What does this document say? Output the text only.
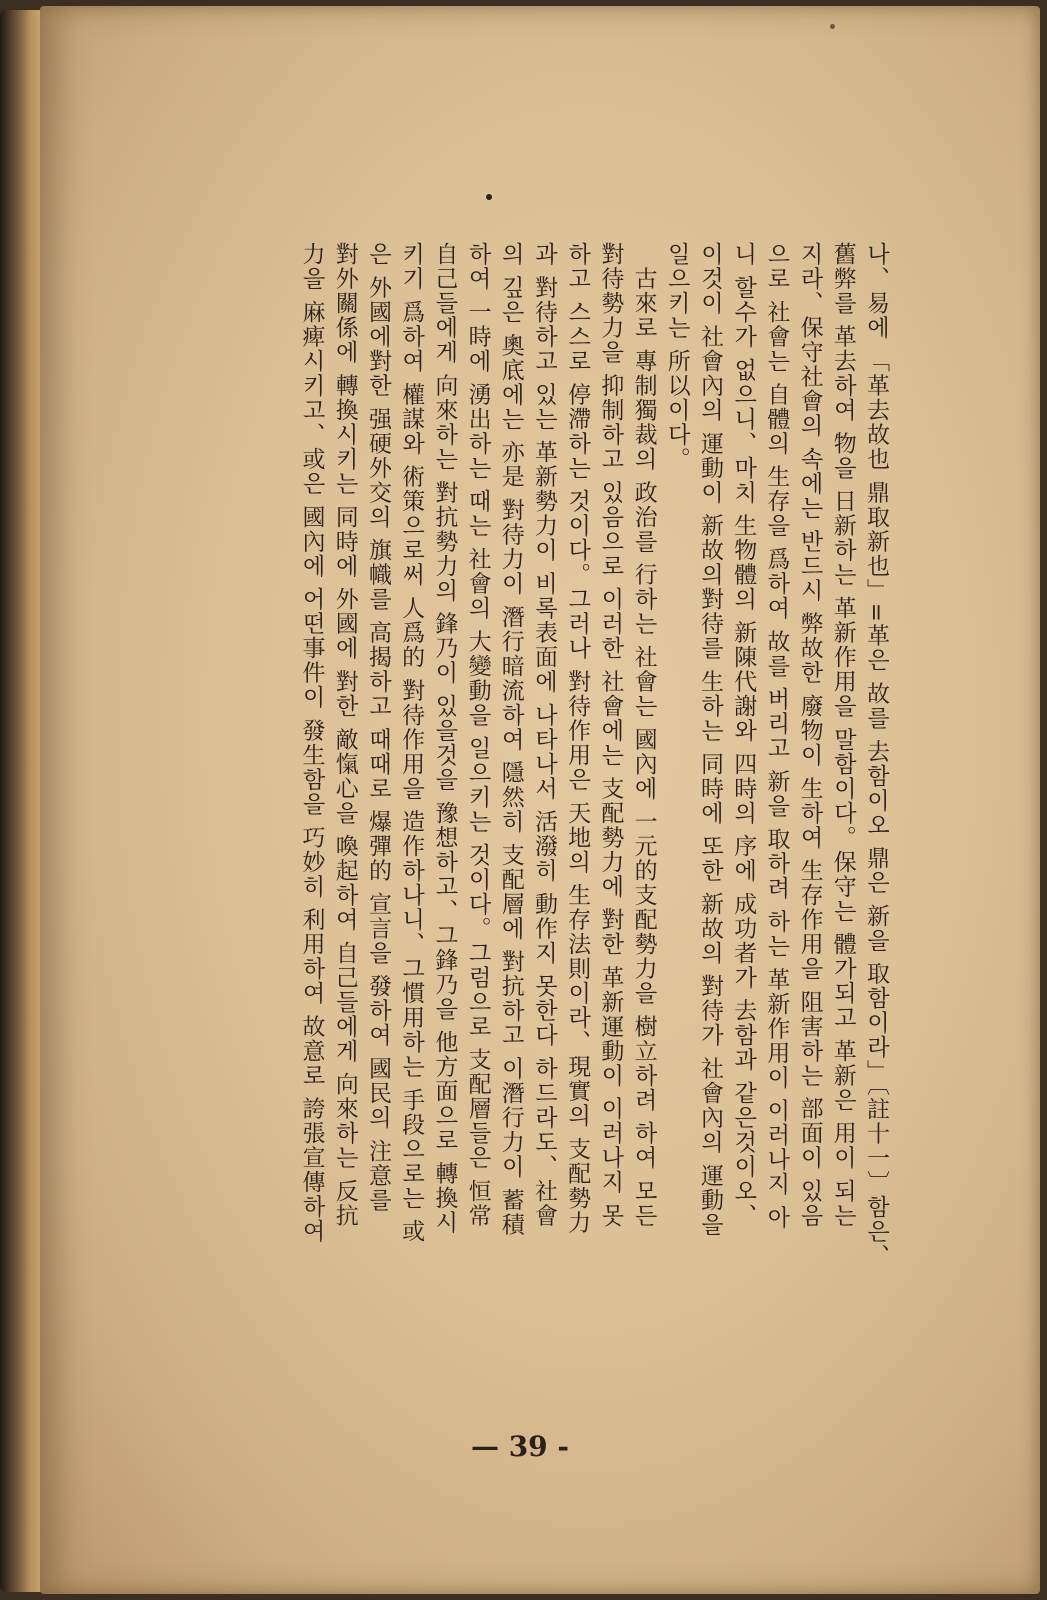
나、易에 「革去故也 鼎取新也」=革은 故를 去함이오 鼎은 新을 取함이라」〔註十一〕함은、

舊弊를 革去하여 物을 日新하는 革新作用을 말함이다。保守는 體가되고 革新은 用이 되는

지라、保守社會의 속에는 반드시 弊故한 廢物이 生하여 生存作用을 阻害하는 部面이 있음

으로 社會는 自體의 生存을 爲하여 故를 버리고 新을 取하려 하는 革新作用이 이러나지 아

니 할수가 없으니、마치 生物體의 新陳代謝와 四時의 序에 成功者가 去함과 같은것이오、

이것이 社會內의 運動이 新故의對待를 生하는 同時에 또한 新故의 對待가 社會內의 運動을

일으키는 所以이다。

　古來로 專制獨裁의 政治를 行하는 社會는 國內에 一元的支配勢力을 樹立하려 하여 모든

對待勢力을 抑制하고 있음으로 이러한 社會에는 支配勢力에 對한 革新運動이 이러나지 못

하고 스스로 停滯하는 것이다。그러나 對待作用은 天地의 生存法則이라、現實의 支配勢力

과 對待하고 있는 革新勢力이 비록表面에 나타나서 活潑히 動作지 못한다 하드라도、社會

의 깊은 奧底에는 亦是 對待力이 潛行暗流하여 隱然히 支配層에 對抗하고 이潛行力이 蓄積

하여 一時에 湧出하는 때는 社會의 大變動을 일으키는 것이다。그럼으로 支配層들은 恒常

自己들에게 向來하는 對抗勢力의 鋒乃이 있을것을 豫想하고、그鋒乃을 他方面으로 轉換시

키기 爲하여 權謀와 術策으로써 人爲的 對待作用을 造作하나니、그慣用하는 手段으로는 或

은 外國에對한 强硬外交의 旗幟를 高揭하고 때때로 爆彈的 宣言을 發하여 國民의 注意를

對外關係에 轉換시키는 同時에 外國에 對한 敵愾心을 喚起하여 自己들에게 向來하는 反抗

力을 麻痺시키고、或은 國內에 어떤事件이 發生함을 巧妙히 利用하여 故意로 誇張宣傳하여

— 39 -
